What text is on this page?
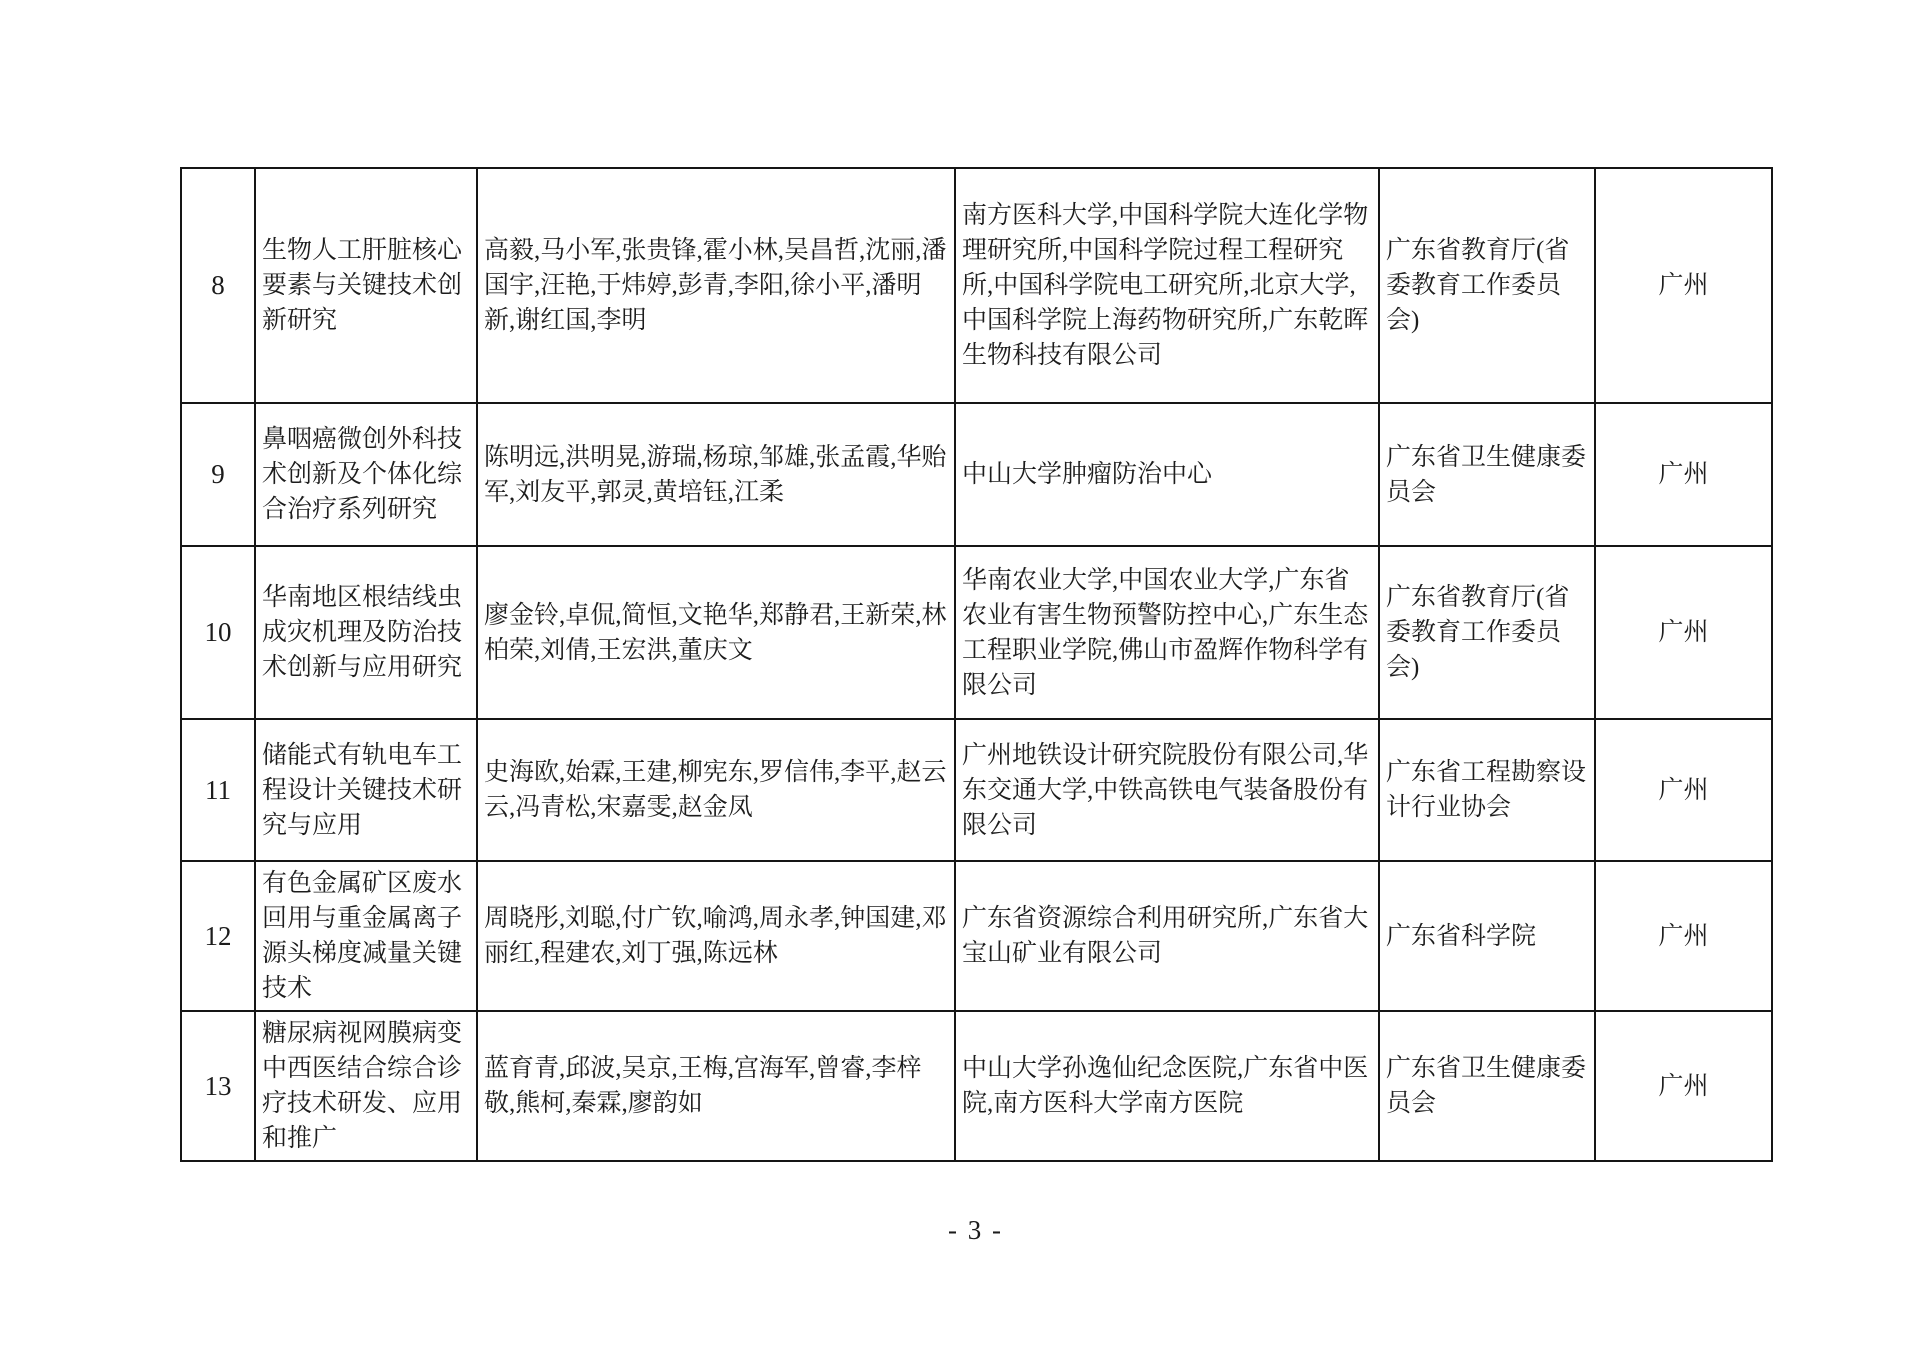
8	生物人工肝脏核心要素与关键技术创新研究	高毅,马小军,张贵锋,霍小林,吴昌哲,沈丽,潘国宇,汪艳,于炜婷,彭青,李阳,徐小平,潘明新,谢红国,李明	南方医科大学,中国科学院大连化学物理研究所,中国科学院过程工程研究所,中国科学院电工研究所,北京大学,中国科学院上海药物研究所,广东乾晖生物科技有限公司	广东省教育厅(省委教育工作委员会)	广州
9	鼻咽癌微创外科技术创新及个体化综合治疗系列研究	陈明远,洪明晃,游瑞,杨琼,邹雄,张孟霞,华贻军,刘友平,郭灵,黄培钰,江柔	中山大学肿瘤防治中心	广东省卫生健康委员会	广州
10	华南地区根结线虫成灾机理及防治技术创新与应用研究	廖金铃,卓侃,简恒,文艳华,郑静君,王新荣,林柏荣,刘倩,王宏洪,董庆文	华南农业大学,中国农业大学,广东省农业有害生物预警防控中心,广东生态工程职业学院,佛山市盈辉作物科学有限公司	广东省教育厅(省委教育工作委员会)	广州
11	储能式有轨电车工程设计关键技术研究与应用	史海欧,始霖,王建,柳宪东,罗信伟,李平,赵云云,冯青松,宋嘉雯,赵金凤	广州地铁设计研究院股份有限公司,华东交通大学,中铁高铁电气装备股份有限公司	广东省工程勘察设计行业协会	广州
12	有色金属矿区废水回用与重金属离子源头梯度减量关键技术	周晓彤,刘聪,付广钦,喻鸿,周永孝,钟国建,邓丽红,程建农,刘丁强,陈远林	广东省资源综合利用研究所,广东省大宝山矿业有限公司	广东省科学院	广州
13	糖尿病视网膜病变中西医结合综合诊疗技术研发、应用和推广	蓝育青,邱波,吴京,王梅,宫海军,曾睿,李梓敬,熊柯,秦霖,廖韵如	中山大学孙逸仙纪念医院,广东省中医院,南方医科大学南方医院	广东省卫生健康委员会	广州
- 3 -
